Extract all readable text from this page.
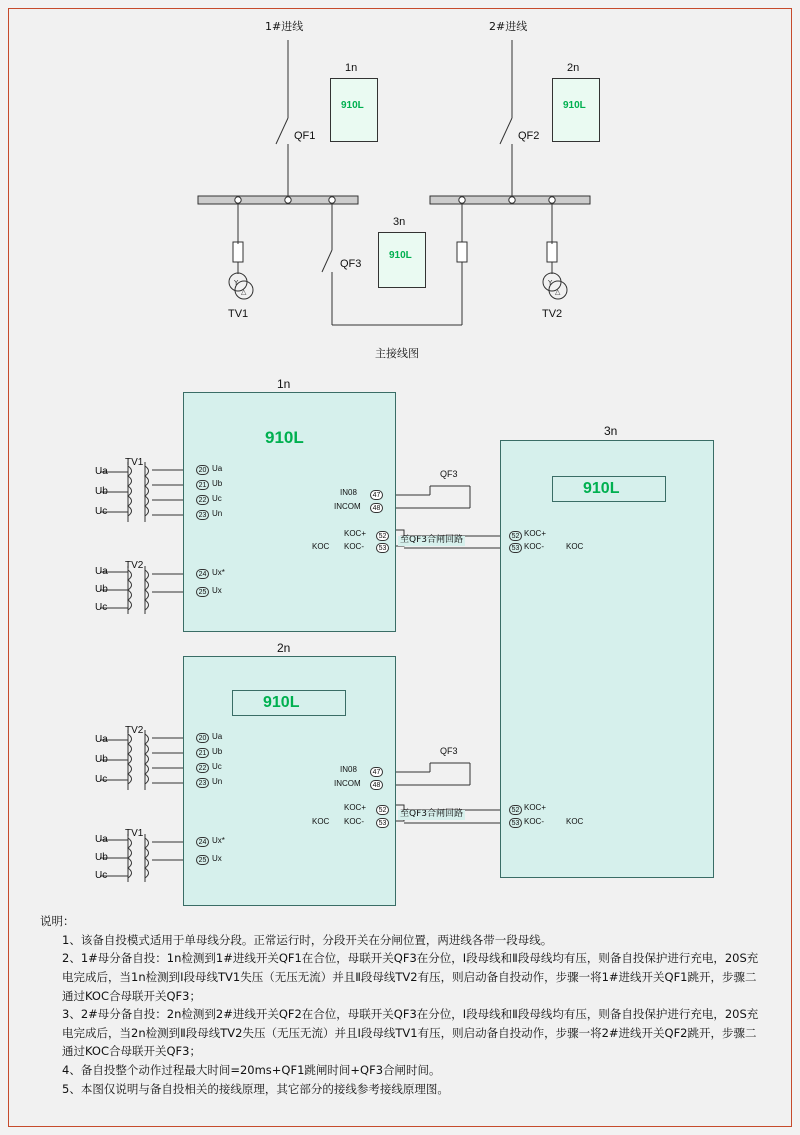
Y
△
Y
△
910L
1n
910L
2n
910L
3n
1#进线	2#进线
QF1	QF2
QF3
TV1	TV2
主接线图
1n
910L
TV1
Ua
Ub
Uc
20
21
22
23
Ua
Ub
Uc
Un
TV2
Ua
Ub
Uc
24
25
Ux*
Ux
IN08	47
INCOM	48
QF3
KOC+	52
KOC KOC-	53
至QF3合闸回路
3n
910L
52 KOC+
53 KOC-	KOC
52 KOC+
53 KOC-	KOC
2n
910L
TV2
Ua
Ub
Uc
20
21
22
23
Ua
Ub
Uc
Un
TV1
Ua
Ub
Uc
24
25
Ux*
Ux
IN08	47
INCOM	48
QF3
KOC+	52
KOC KOC-	53
至QF3合闸回路

说明：

1、该备自投模式适用于单母线分段。正常运行时，分段开关在分闸位置，两进线各带一段母线。

2、1#母分备自投：1n检测到1#进线开关QF1在合位，母联开关QF3在分位，Ⅰ段母线和Ⅱ段母线均有压，则备自投保护进行充电，20S充电完成后，当1n检测到Ⅰ段母线TV1失压（无压无流）并且Ⅱ段母线TV2有压，则启动备自投动作，步骤一将1#进线开关QF1跳开，步骤二通过KOC合母联开关QF3；

3、2#母分备自投：2n检测到2#进线开关QF2在合位，母联开关QF3在分位，Ⅰ段母线和Ⅱ段母线均有压，则备自投保护进行充电，20S充电完成后，当2n检测到Ⅱ段母线TV2失压（无压无流）并且Ⅰ段母线TV1有压，则启动备自投动作，步骤一将2#进线开关QF2跳开，步骤二通过KOC合母联开关QF3；

4、备自投整个动作过程最大时间=20ms+QF1跳闸时间+QF3合闸时间。

5、本图仅说明与备自投相关的接线原理，其它部分的接线参考接线原理图。
